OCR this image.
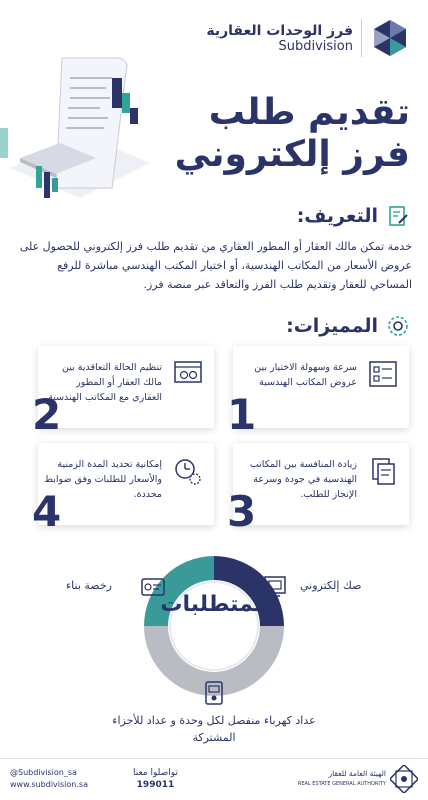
فرز الوحدات العقارية
Subdivision
تقديم طلب
فرز إلكتروني
التعريف:
خدمة تمكن مالك العقار أو المطور العقاري من تقديم طلب فرز إلكتروني للحصول على عروض الأسعار من المكاتب الهندسية، أو اختيار المكتب الهندسي مباشرة للرفع المساحي للعقار وتقديم طلب الفرز والتعاقد عبر منصة فرز.
المميزات:
سرعة وسهولة الاختيار بين عروض المكاتب الهندسية
1
تنظيم الحالة التعاقدية بين مالك العقار أو المطور العقاري مع المكاتب الهندسية.
2
زيادة المنافسة بين المكاتب الهندسية في جودة وسرعة الإنجاز للطلب.
3
إمكانية تحديد المدة الزمنية والأسعار للطلبات وفق ضوابط محددة.
4
المتطلبات
صك إلكتروني
رخصة بناء
عداد كهرباء منفصل لكل وحدة و عداد للأجزاء المشتركة
@Subdivision_sa
www.subdivision.sa
تواصلوا معنا
199011
الهيئة العامة للعقار
REAL ESTATE GENERAL AUTHORITY
